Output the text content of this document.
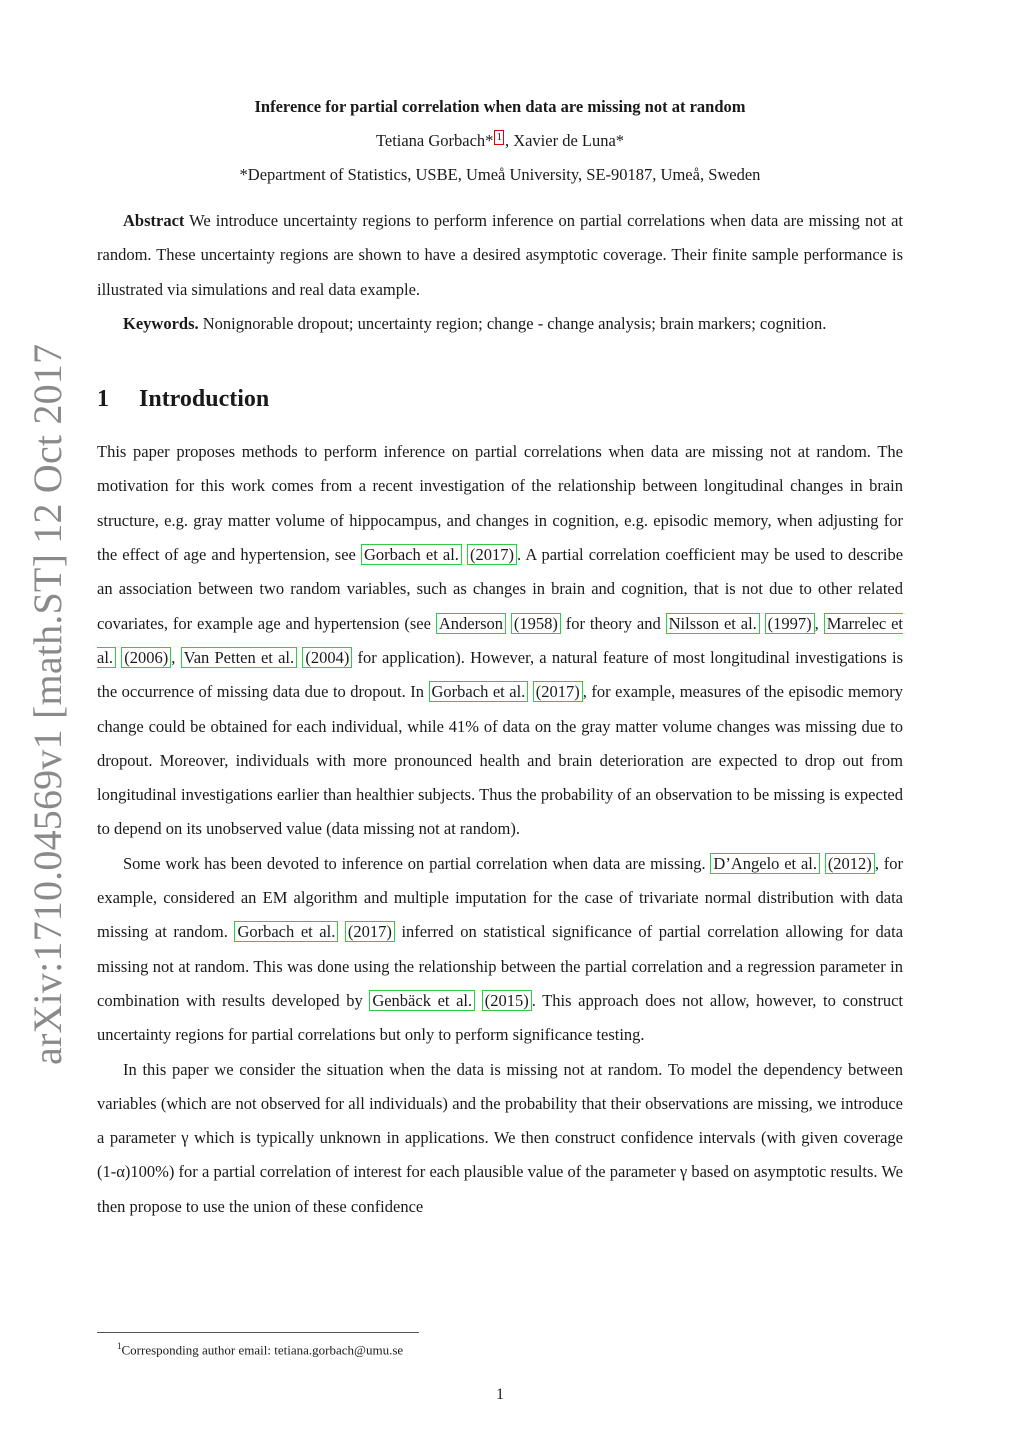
arXiv:1710.04569v1 [math.ST] 12 Oct 2017

Inference for partial correlation when data are missing not at random

Tetiana Gorbach* 1 , Xavier de Luna*

*Department of Statistics, USBE, Umeå University, SE-90187, Umeå, Sweden

Abstract We introduce uncertainty regions to perform inference on partial correlations when data are missing not at random. These uncertainty regions are shown to have a desired asymptotic coverage. Their finite sample performance is illustrated via simulations and real data example.

Keywords. Nonignorable dropout; uncertainty region; change - change analysis; brain markers; cognition.

1 Introduction

This paper proposes methods to perform inference on partial correlations when data are missing not at random. The motivation for this work comes from a recent investigation of the relationship between longitudinal changes in brain structure, e.g. gray matter volume of hippocampus, and changes in cognition, e.g. episodic memory, when adjusting for the effect of age and hypertension, see Gorbach et al. (2017) . A partial correlation coefficient may be used to describe an association between two random variables, such as changes in brain and cognition, that is not due to other related covariates, for example age and hypertension (see Anderson (1958) for theory and Nilsson et al. (1997) , Marrelec et al. (2006) , Van Petten et al. (2004) for application). However, a natural feature of most longitudinal investigations is the occurrence of missing data due to dropout. In Gorbach et al. (2017) , for example, measures of the episodic memory change could be obtained for each individual, while 41% of data on the gray matter volume changes was missing due to dropout. Moreover, individuals with more pronounced health and brain deterioration are expected to drop out from longitudinal investigations earlier than healthier subjects. Thus the probability of an observation to be missing is expected to depend on its unobserved value (data missing not at random).

Some work has been devoted to inference on partial correlation when data are missing. D’Angelo et al. (2012) , for example, considered an EM algorithm and multiple imputation for the case of trivariate normal distribution with data missing at random. Gorbach et al. (2017) inferred on statistical significance of partial correlation allowing for data missing not at random. This was done using the relationship between the partial correlation and a regression parameter in combination with results developed by Genbäck et al. (2015) . This approach does not allow, however, to construct uncertainty regions for partial correlations but only to perform significance testing.

In this paper we consider the situation when the data is missing not at random. To model the dependency between variables (which are not observed for all individuals) and the probability that their observations are missing, we introduce a parameter γ which is typically unknown in applications. We then construct confidence intervals (with given coverage (1-α)100%) for a partial correlation of interest for each plausible value of the parameter γ based on asymptotic results. We then propose to use the union of these confidence

$^1$Corresponding author email: tetiana.gorbach@umu.se
1
